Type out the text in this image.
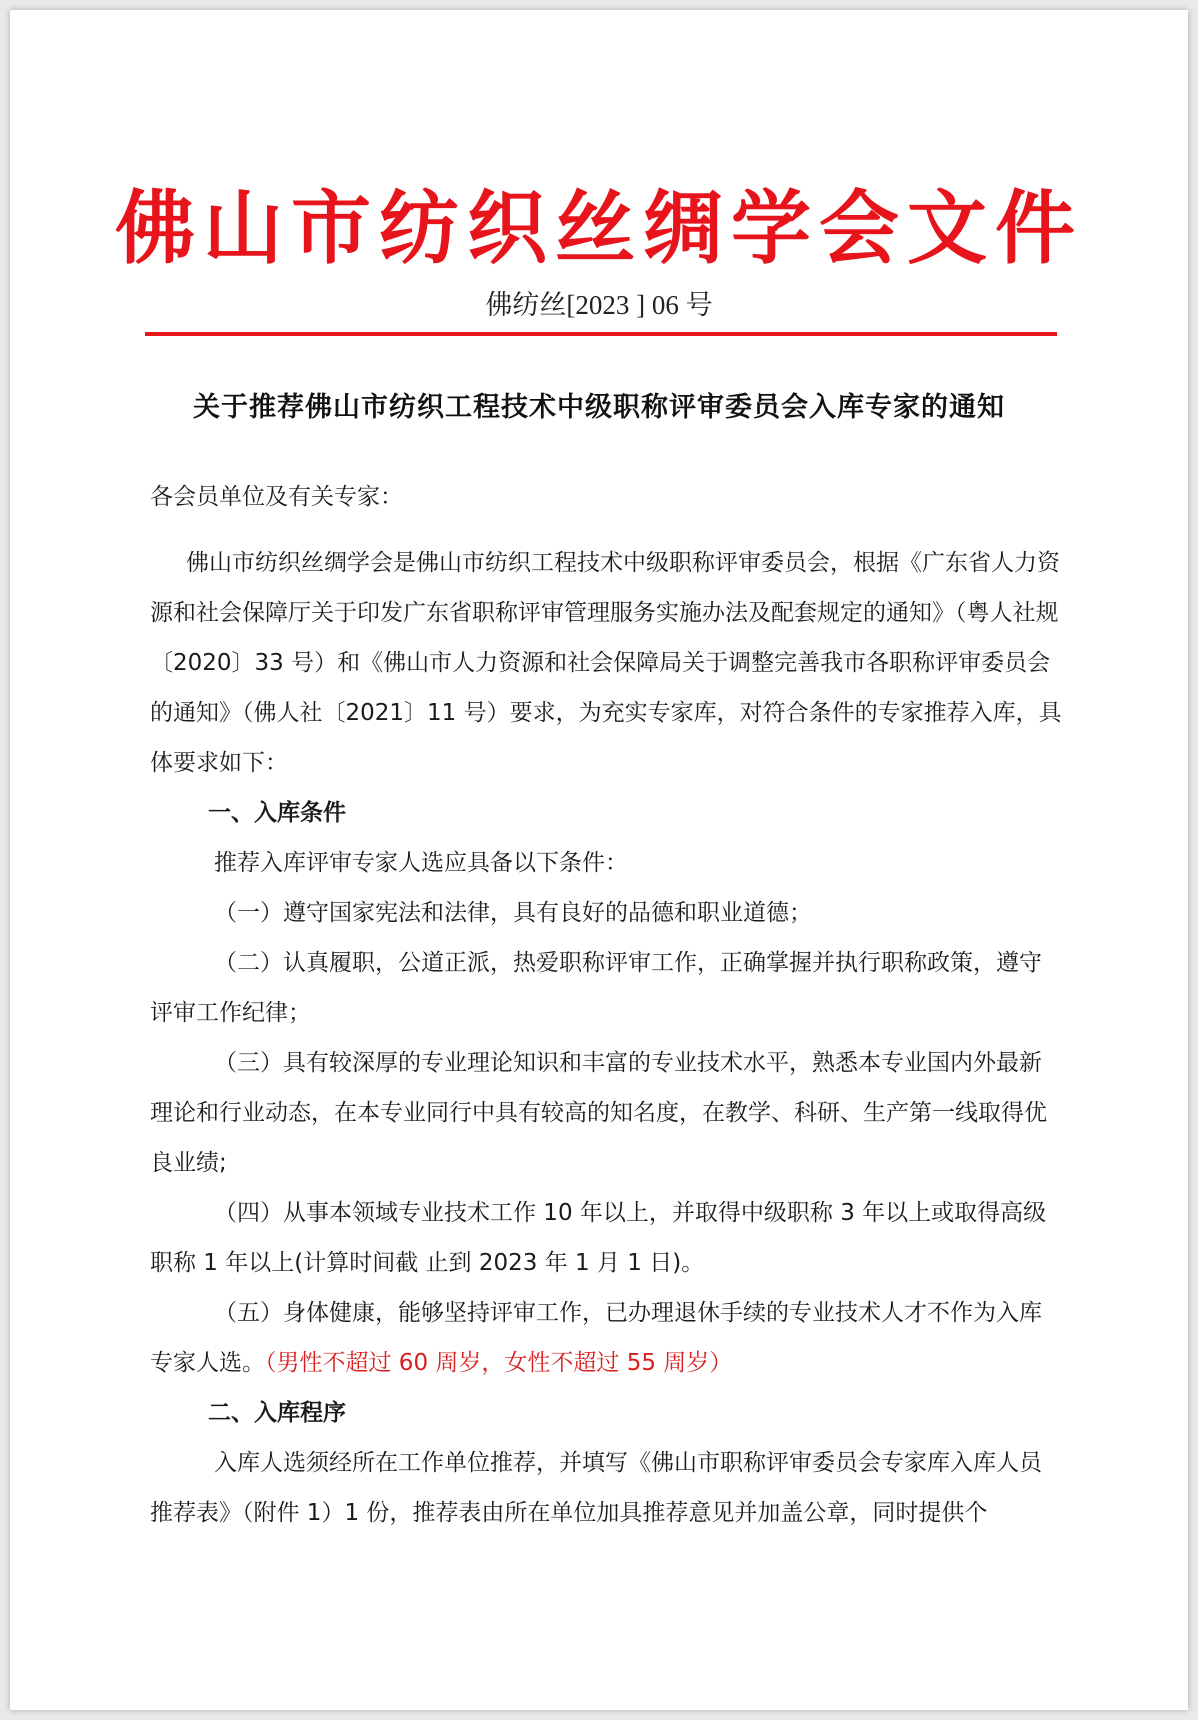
佛山市纺织丝绸学会文件
佛纺丝[2023 ] 06 号
关于推荐佛山市纺织工程技术中级职称评审委员会入库专家的通知

各会员单位及有关专家：

佛山市纺织丝绸学会是佛山市纺织工程技术中级职称评审委员会，根据《广东省人力资源和社会保障厅关于印发广东省职称评审管理服务实施办法及配套规定的通知》（粤人社规〔2020〕33 号）和《佛山市人力资源和社会保障局关于调整完善我市各职称评审委员会的通知》（佛人社〔2021〕11 号）要求，为充实专家库，对符合条件的专家推荐入库，具体要求如下：

一、入库条件

推荐入库评审专家人选应具备以下条件：

（一）遵守国家宪法和法律，具有良好的品德和职业道德；

（二）认真履职，公道正派，热爱职称评审工作，正确掌握并执行职称政策，遵守评审工作纪律；

（三）具有较深厚的专业理论知识和丰富的专业技术水平，熟悉本专业国内外最新理论和行业动态，在本专业同行中具有较高的知名度，在教学、科研、生产第一线取得优良业绩;

（四）从事本领域专业技术工作 10 年以上，并取得中级职称 3 年以上或取得高级职称 1 年以上(计算时间截 止到 2023 年 1 月 1 日)。

（五）身体健康，能够坚持评审工作，已办理退休手续的专业技术人才不作为入库专家人选。（男性不超过 60 周岁，女性不超过 55 周岁）

二、入库程序

入库人选须经所在工作单位推荐，并填写《佛山市职称评审委员会专家库入库人员推荐表》（附件 1）1 份，推荐表由所在单位加具推荐意见并加盖公章，同时提供个
